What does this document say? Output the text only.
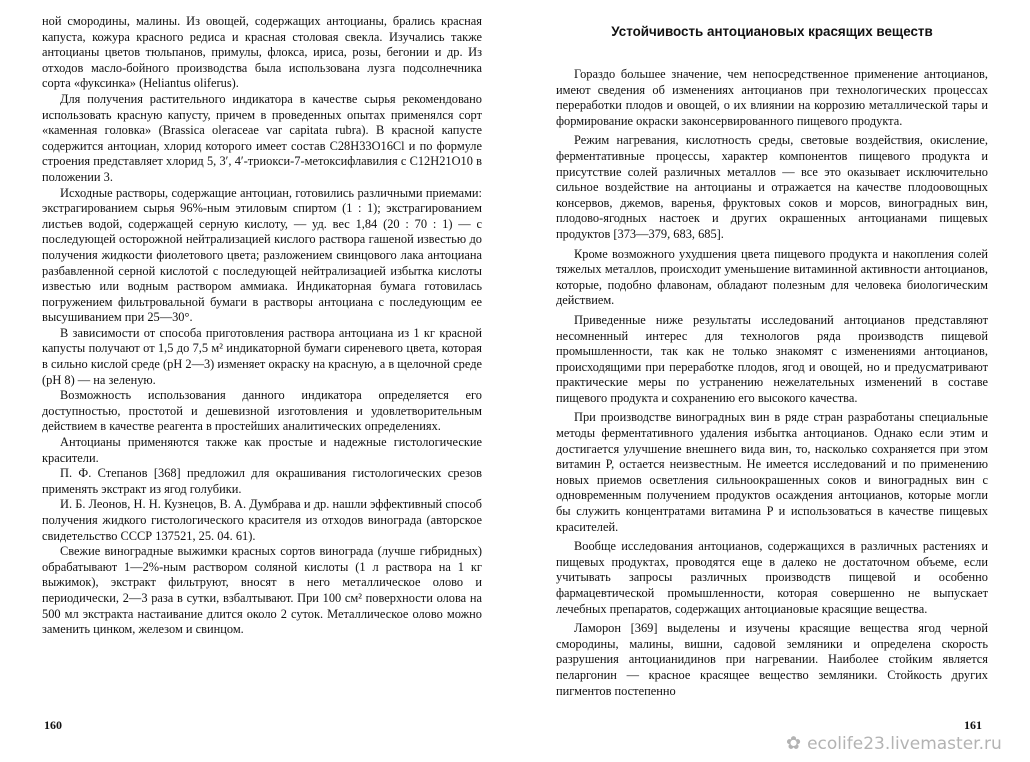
ной смородины, малины. Из овощей, содержащих антоцианы, брались красная капуста, кожура красного редиса и красная столовая свекла. Изучались также антоцианы цветов тюльпанов, примулы, флокса, ириса, розы, бегонии и др. Из отходов масло-бойного производства была использована лузга подсолнечника сорта «фуксинка» (Heliantus oliferus).

Для получения растительного индикатора в качестве сырья рекомендовано использовать красную капусту, причем в проведенных опытах применялся сорт «каменная головка» (Brassica oleraceae var capitata rubra). В красной капусте содержится антоциан, хлорид которого имеет состав C28H33O16Cl и по формуле строения представляет хлорид 5, 3′, 4′-триокси-7-метоксифлавилия с C12H21O10 в положении 3.

Исходные растворы, содержащие антоциан, готовились различными приемами: экстрагированием сырья 96%-ным этиловым спиртом (1 : 1); экстрагированием листьев водой, содержащей серную кислоту, — уд. вес 1,84 (20 : 70 : 1) — с последующей осторожной нейтрализацией кислого раствора гашеной известью до получения жидкости фиолетового цвета; разложением свинцового лака антоциана разбавленной серной кислотой с последующей нейтрализацией избытка кислоты известью или водным раствором аммиака. Индикаторная бумага готовилась погружением фильтровальной бумаги в растворы антоциана с последующим ее высушиванием при 25—30°.

В зависимости от способа приготовления раствора антоциана из 1 кг красной капусты получают от 1,5 до 7,5 м² индикаторной бумаги сиреневого цвета, которая в сильно кислой среде (pH 2—3) изменяет окраску на красную, а в щелочной среде (pH 8) — на зеленую.

Возможность использования данного индикатора определяется его доступностью, простотой и дешевизной изготовления и удовлетворительным действием в качестве реагента в простейших аналитических определениях.

Антоцианы применяются также как простые и надежные гистологические красители.

П. Ф. Степанов [368] предложил для окрашивания гистологических срезов применять экстракт из ягод голубики.

И. Б. Леонов, Н. Н. Кузнецов, В. А. Думбрава и др. нашли эффективный способ получения жидкого гистологического красителя из отходов винограда (авторское свидетельство СССР 137521, 25. 04. 61).

Свежие виноградные выжимки красных сортов винограда (лучше гибридных) обрабатывают 1—2%-ным раствором соляной кислоты (1 л раствора на 1 кг выжимок), экстракт фильтруют, вносят в него металлическое олово и периодически, 2—3 раза в сутки, взбалтывают. При 100 см² поверхности олова на 500 мл экстракта настаивание длится около 2 суток. Металлическое олово можно заменить цинком, железом и свинцом.

Устойчивость антоциановых красящих веществ

Гораздо большее значение, чем непосредственное применение антоцианов, имеют сведения об изменениях антоцианов при технологических процессах переработки плодов и овощей, о их влиянии на коррозию металлической тары и формирование окраски законсервированного пищевого продукта.

Режим нагревания, кислотность среды, световые воздействия, окисление, ферментативные процессы, характер компонентов пищевого продукта и присутствие солей различных металлов — все это оказывает исключительно сильное воздействие на антоцианы и отражается на качестве плодоовощных консервов, джемов, варенья, фруктовых соков и морсов, виноградных вин, плодово-ягодных настоек и других окрашенных антоцианами пищевых продуктов [373—379, 683, 685].

Кроме возможного ухудшения цвета пищевого продукта и накопления солей тяжелых металлов, происходит уменьшение витаминной активности антоцианов, которые, подобно флавонам, обладают полезным для человека биологическим действием.

Приведенные ниже результаты исследований антоцианов представляют несомненный интерес для технологов ряда производств пищевой промышленности, так как не только знакомят с изменениями антоцианов, происходящими при переработке плодов, ягод и овощей, но и предусматривают практические меры по устранению нежелательных изменений в составе пищевого продукта и сохранению его высокого качества.

При производстве виноградных вин в ряде стран разработаны специальные методы ферментативного удаления избытка антоцианов. Однако если этим и достигается улучшение внешнего вида вин, то, насколько сохраняется при этом витамин P, остается неизвестным. Не имеется исследований и по применению новых приемов осветления сильноокрашенных соков и виноградных вин с одновременным получением продуктов осаждения антоцианов, которые могли бы служить концентратами витамина P и использоваться в качестве пищевых красителей.

Вообще исследования антоцианов, содержащихся в различных растениях и пищевых продуктах, проводятся еще в далеко не достаточном объеме, если учитывать запросы различных производств пищевой и особенно фармацевтической промышленности, которая совершенно не выпускает лечебных препаратов, содержащих антоциановые красящие вещества.

Ламорон [369] выделены и изучены красящие вещества ягод черной смородины, малины, вишни, садовой земляники и определена скорость разрушения антоцианидинов при нагревании. Наиболее стойким является пеларгонин — красное красящее вещество земляники. Стойкость других пигментов постепенно

160	161
✿ ecolife23.livemaster.ru
